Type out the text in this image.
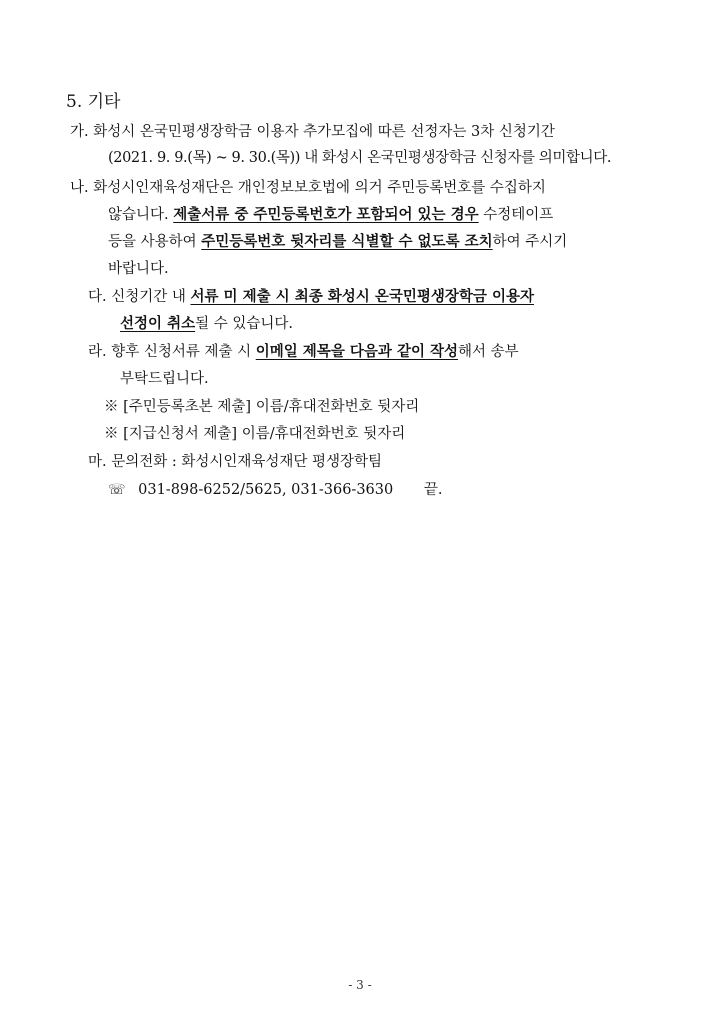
5. 기타
가. 화성시 온국민평생장학금 이용자 추가모집에 따른 선정자는 3차 신청기간
(2021. 9. 9.(목) ~ 9. 30.(목)) 내 화성시 온국민평생장학금 신청자를 의미합니다.
나. 화성시인재육성재단은 개인정보보호법에 의거 주민등록번호를 수집하지
않습니다. 제출서류 중 주민등록번호가 포함되어 있는 경우 수정테이프
등을 사용하여 주민등록번호 뒷자리를 식별할 수 없도록 조치하여 주시기
바랍니다.
다. 신청기간 내 서류 미 제출 시 최종 화성시 온국민평생장학금 이용자
선정이 취소될 수 있습니다.
라. 향후 신청서류 제출 시 이메일 제목을 다음과 같이 작성해서 송부
부탁드립니다.
※ [주민등록초본 제출] 이름/휴대전화번호 뒷자리
※ [지급신청서 제출] 이름/휴대전화번호 뒷자리
마. 문의전화 : 화성시인재육성재단 평생장학팀
☏ 031-898-6252/5625, 031-366-3630 끝.
- 3 -
